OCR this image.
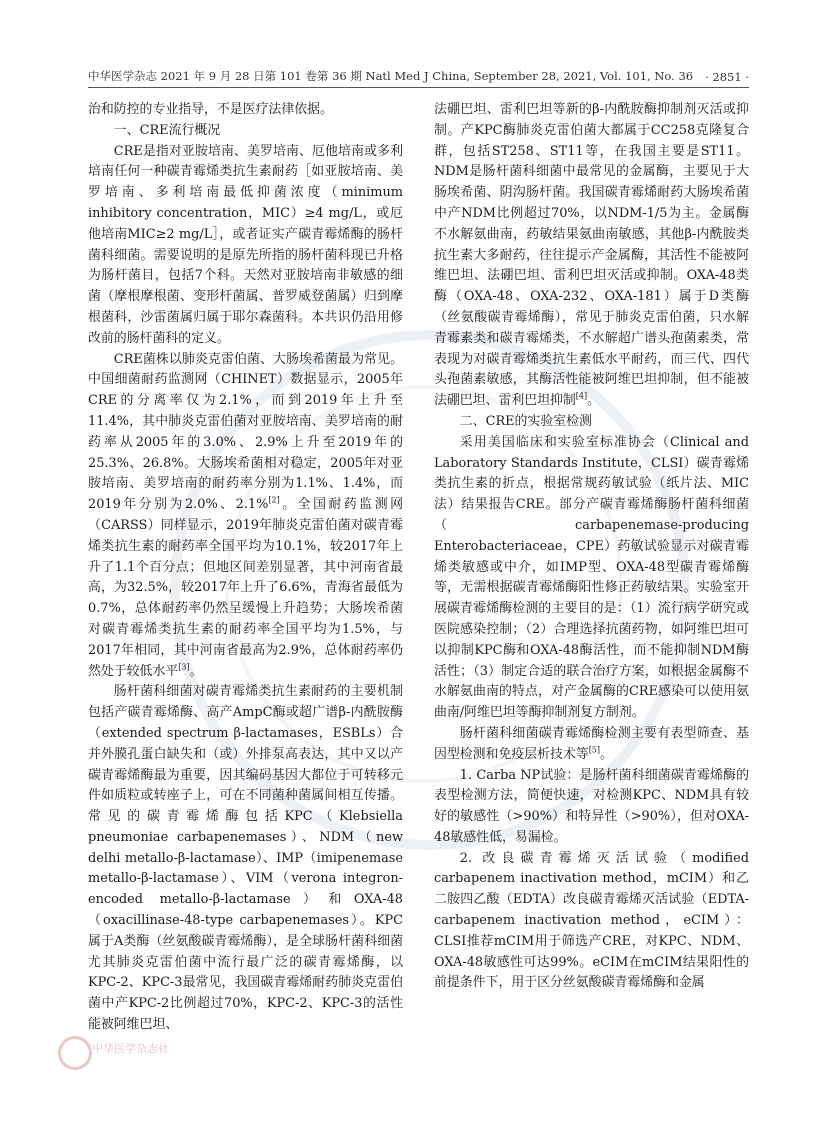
中华医学杂志 2021 年 9 月 28 日第 101 卷第 36 期 Natl Med J China, September 28, 2021, Vol. 101, No. 36 · 2851 ·

治和防控的专业指导，不是医疗法律依据。

一、CRE流行概况

CRE是指对亚胺培南、美罗培南、厄他培南或多利培南任何一种碳青霉烯类抗生素耐药［如亚胺培南、美罗培南、多利培南最低抑菌浓度（minimum inhibitory concentration，MIC）≥4 mg/L，或厄他培南MIC≥2 mg/L］，或者证实产碳青霉烯酶的肠杆菌科细菌。需要说明的是原先所指的肠杆菌科现已升格为肠杆菌目，包括7个科。天然对亚胺培南非敏感的细菌（摩根摩根菌、变形杆菌属、普罗威登菌属）归到摩根菌科，沙雷菌属归属于耶尔森菌科。本共识仍沿用修改前的肠杆菌科的定义。

CRE菌株以肺炎克雷伯菌、大肠埃希菌最为常见。中国细菌耐药监测网（CHINET）数据显示，2005年CRE的分离率仅为2.1%，而到2019年上升至11.4%，其中肺炎克雷伯菌对亚胺培南、美罗培南的耐药率从2005年的3.0%、2.9%上升至2019年的25.3%、26.8%。大肠埃希菌相对稳定，2005年对亚胺培南、美罗培南的耐药率分别为1.1%、1.4%，而2019年分别为2.0%、2.1%[2]。全国耐药监测网（CARSS）同样显示，2019年肺炎克雷伯菌对碳青霉烯类抗生素的耐药率全国平均为10.1%，较2017年上升了1.1个百分点；但地区间差别显著，其中河南省最高，为32.5%，较2017年上升了6.6%，青海省最低为0.7%，总体耐药率仍然呈缓慢上升趋势；大肠埃希菌对碳青霉烯类抗生素的耐药率全国平均为1.5%，与2017年相同，其中河南省最高为2.9%，总体耐药率仍然处于较低水平[3]。

肠杆菌科细菌对碳青霉烯类抗生素耐药的主要机制包括产碳青霉烯酶、高产AmpC酶或超广谱β-内酰胺酶（extended spectrum β-lactamases，ESBLs）合并外膜孔蛋白缺失和（或）外排泵高表达，其中又以产碳青霉烯酶最为重要，因其编码基因大都位于可转移元件如质粒或转座子上，可在不同菌种菌属间相互传播。常见的碳青霉烯酶包括KPC（Klebsiella pneumoniae carbapenemases）、NDM（new delhi metallo-β-lactamase）、IMP（imipenemase metallo-β-lactamase）、VIM（verona integron-encoded metallo-β-lactamase）和OXA-48（oxacillinase-48-type carbapenemases）。KPC属于A类酶（丝氨酸碳青霉烯酶），是全球肠杆菌科细菌尤其肺炎克雷伯菌中流行最广泛的碳青霉烯酶，以KPC-2、KPC-3最常见，我国碳青霉烯耐药肺炎克雷伯菌中产KPC-2比例超过70%，KPC-2、KPC-3的活性能被阿维巴坦、

法硼巴坦、雷利巴坦等新的β-内酰胺酶抑制剂灭活或抑制。产KPC酶肺炎克雷伯菌大都属于CC258克隆复合群，包括ST258、ST11等，在我国主要是ST11。NDM是肠杆菌科细菌中最常见的金属酶，主要见于大肠埃希菌、阴沟肠杆菌。我国碳青霉烯耐药大肠埃希菌中产NDM比例超过70%，以NDM-1/5为主。金属酶不水解氨曲南，药敏结果氨曲南敏感，其他β-内酰胺类抗生素大多耐药，往往提示产金属酶，其活性不能被阿维巴坦、法硼巴坦、雷利巴坦灭活或抑制。OXA-48类酶（OXA-48、OXA-232、OXA-181）属于D类酶（丝氨酸碳青霉烯酶），常见于肺炎克雷伯菌，只水解青霉素类和碳青霉烯类，不水解超广谱头孢菌素类，常表现为对碳青霉烯类抗生素低水平耐药，而三代、四代头孢菌素敏感，其酶活性能被阿维巴坦抑制，但不能被法硼巴坦、雷利巴坦抑制[4]。

二、CRE的实验室检测

采用美国临床和实验室标准协会（Clinical and Laboratory Standards Institute，CLSI）碳青霉烯类抗生素的折点，根据常规药敏试验（纸片法、MIC法）结果报告CRE。部分产碳青霉烯酶肠杆菌科细菌（carbapenemase-producing Enterobacteriaceae，CPE）药敏试验显示对碳青霉烯类敏感或中介，如IMP型、OXA-48型碳青霉烯酶等，无需根据碳青霉烯酶阳性修正药敏结果。实验室开展碳青霉烯酶检测的主要目的是：（1）流行病学研究或医院感染控制；（2）合理选择抗菌药物，如阿维巴坦可以抑制KPC酶和OXA-48酶活性，而不能抑制NDM酶活性；（3）制定合适的联合治疗方案，如根据金属酶不水解氨曲南的特点，对产金属酶的CRE感染可以使用氨曲南/阿维巴坦等酶抑制剂复方制剂。

肠杆菌科细菌碳青霉烯酶检测主要有表型筛查、基因型检测和免疫层析技术等[5]。

1. Carba NP试验：是肠杆菌科细菌碳青霉烯酶的表型检测方法，简便快速，对检测KPC、NDM具有较好的敏感性（>90%）和特异性（>90%），但对OXA-48敏感性低，易漏检。

2. 改良碳青霉烯灭活试验（modified carbapenem inactivation method，mCIM）和乙二胺四乙酸（EDTA）改良碳青霉烯灭活试验（EDTA-carbapenem inactivation method，eCIM）：CLSI推荐mCIM用于筛选产CRE，对KPC、NDM、OXA-48敏感性可达99%。eCIM在mCIM结果阳性的前提条件下，用于区分丝氨酸碳青霉烯酶和金属

中华医学杂志社
